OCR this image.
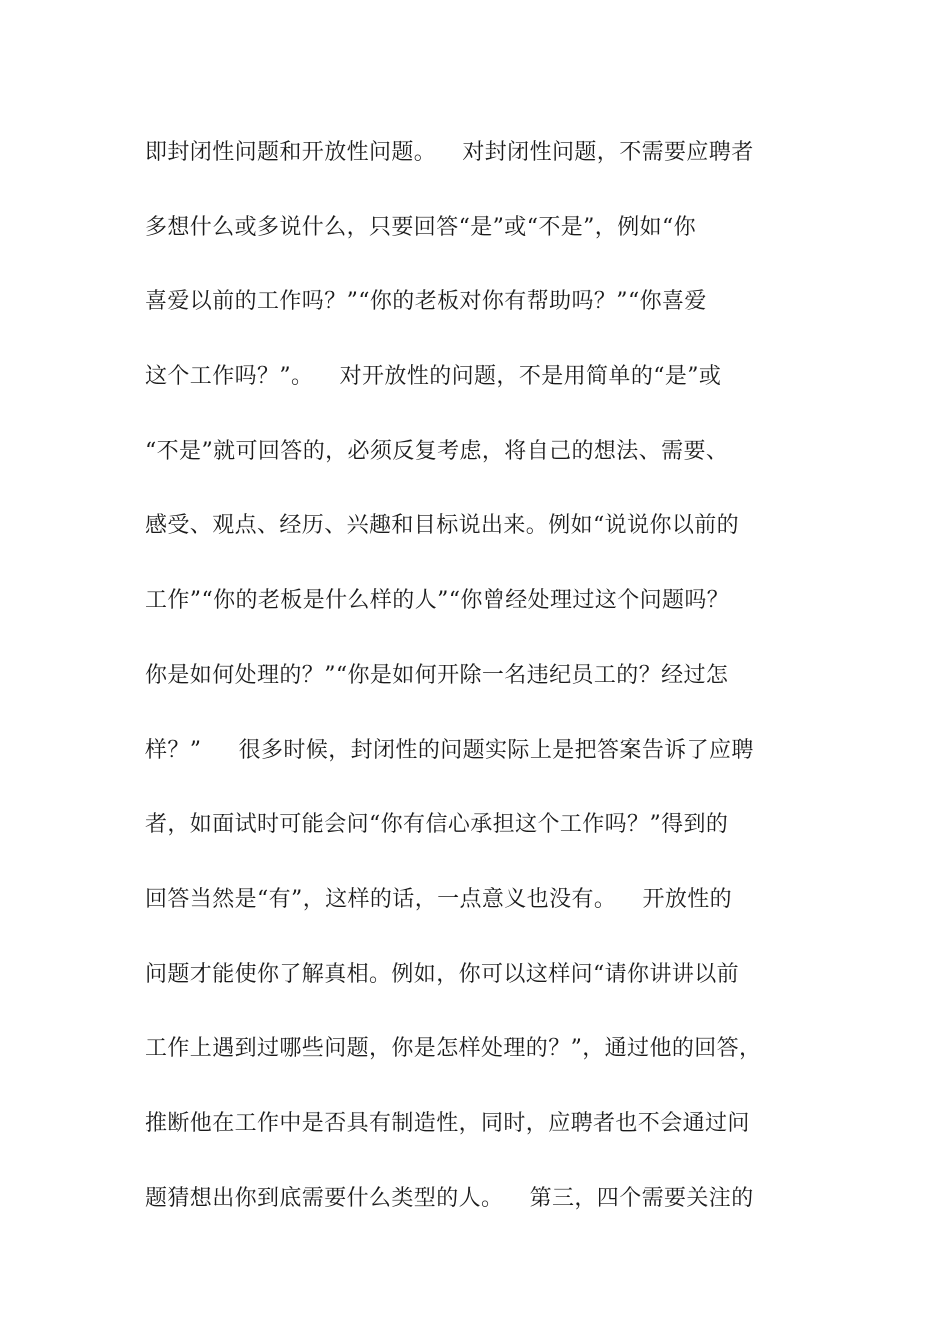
即封闭性问题和开放性问题。　  对封闭性问题，不需要应聘者
多想什么或多说什么，只要回答“是”或“不是”，例如“你
喜爱以前的工作吗？”“你的老板对你有帮助吗？”“你喜爱
这个工作吗？”。　  对开放性的问题，不是用简单的“是”或
“不是”就可回答的，必须反复考虑，将自己的想法、需要、
感受、观点、经历、兴趣和目标说出来。例如“说说你以前的
工作”“你的老板是什么样的人”“你曾经处理过这个问题吗？
你是如何处理的？”“你是如何开除一名违纪员工的？经过怎
样？”　  很多时候，封闭性的问题实际上是把答案告诉了应聘
者，如面试时可能会问“你有信心承担这个工作吗？”得到的
回答当然是“有”，这样的话，一点意义也没有。　  开放性的
问题才能使你了解真相。例如，你可以这样问“请你讲讲以前
工作上遇到过哪些问题，你是怎样处理的？”，通过他的回答，
推断他在工作中是否具有制造性，同时，应聘者也不会通过问
题猜想出你到底需要什么类型的人。　  第三，四个需要关注的
